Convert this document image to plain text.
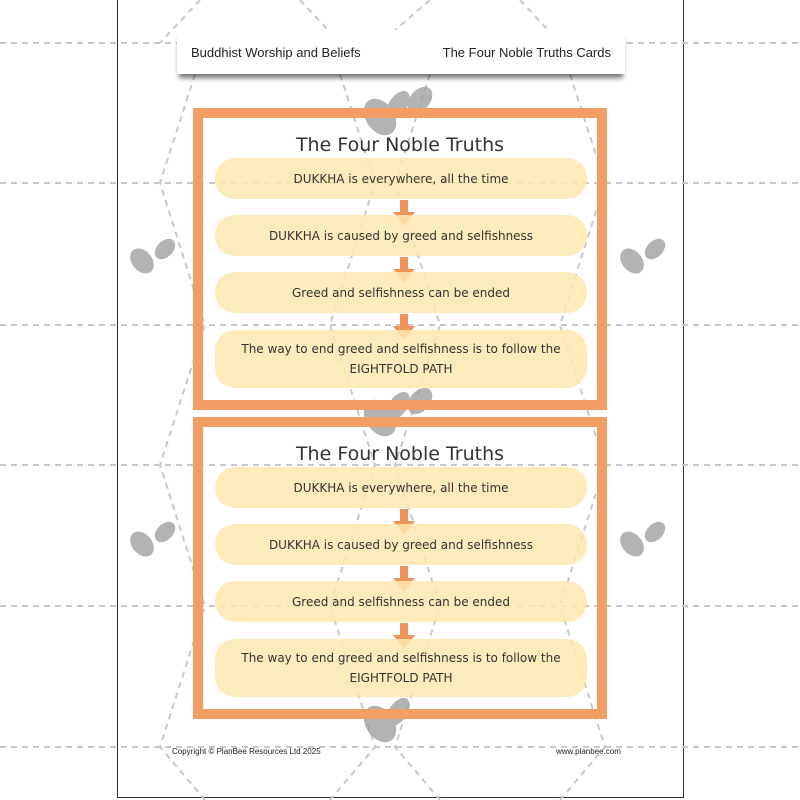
Buddhist Worship and Beliefs	The Four Noble Truths Cards
The Four Noble Truths
DUKKHA is everywhere, all the time
DUKKHA is caused by greed and selfishness
Greed and selfishness can be ended
The way to end greed and selfishness is to follow the
EIGHTFOLD PATH
The Four Noble Truths
DUKKHA is everywhere, all the time
DUKKHA is caused by greed and selfishness
Greed and selfishness can be ended
The way to end greed and selfishness is to follow the
EIGHTFOLD PATH
Copyright © PlanBee Resources Ltd 2025	www.planbee.com
